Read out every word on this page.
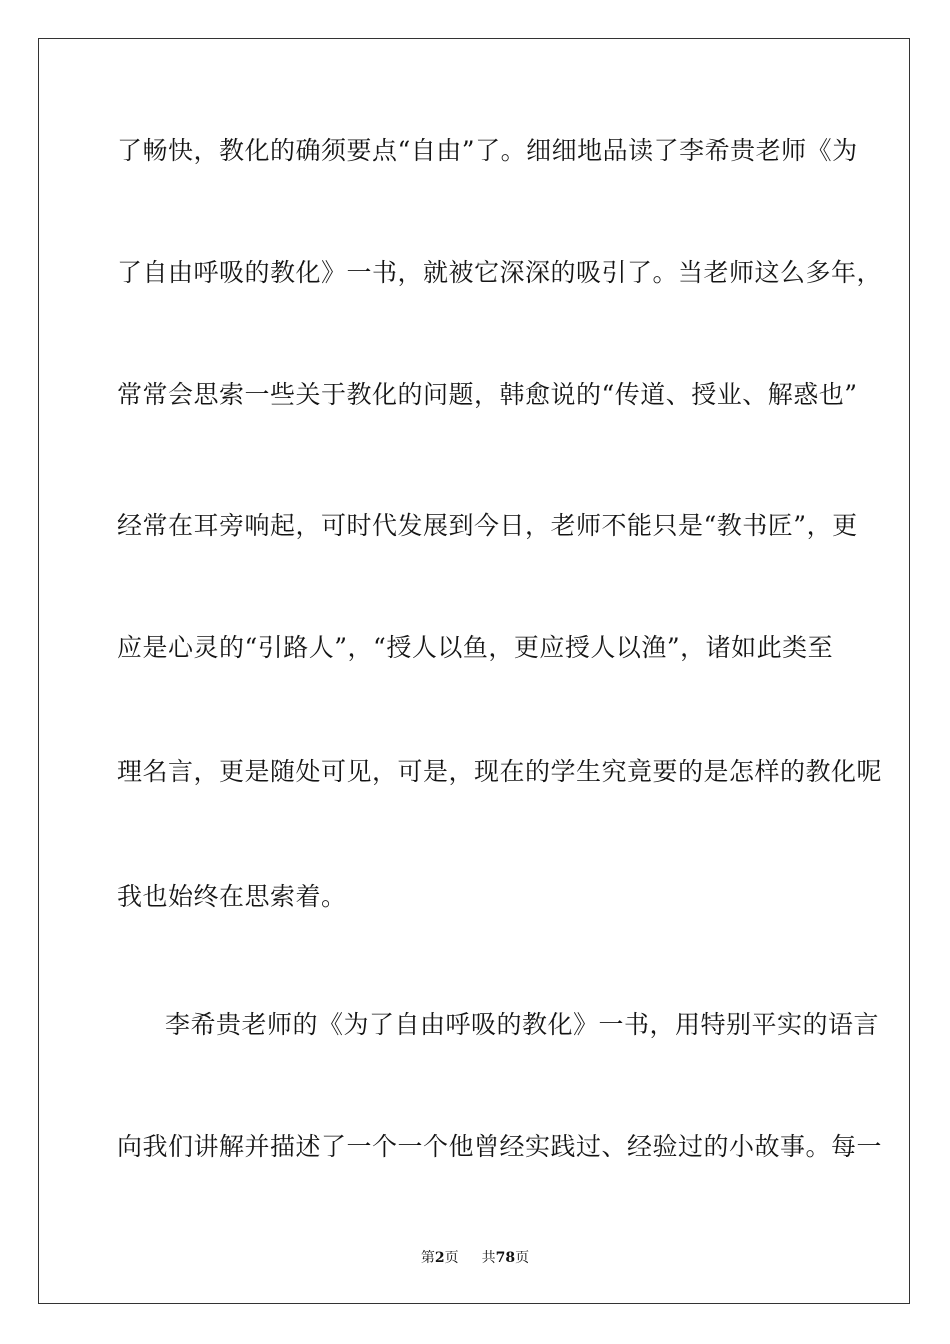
了畅快，教化的确须要点“自由”了。细细地品读了李希贵老师《为
了自由呼吸的教化》一书，就被它深深的吸引了。当老师这么多年，
常常会思索一些关于教化的问题，韩愈说的“传道、授业、解惑也”
经常在耳旁响起，可时代发展到今日，老师不能只是“教书匠”，更
应是心灵的“引路人”，“授人以鱼，更应授人以渔”，诸如此类至
理名言，更是随处可见，可是，现在的学生究竟要的是怎样的教化呢
我也始终在思索着。
李希贵老师的《为了自由呼吸的教化》一书，用特别平实的语言
向我们讲解并描述了一个一个他曾经实践过、经验过的小故事。每一
第2页 共78页
